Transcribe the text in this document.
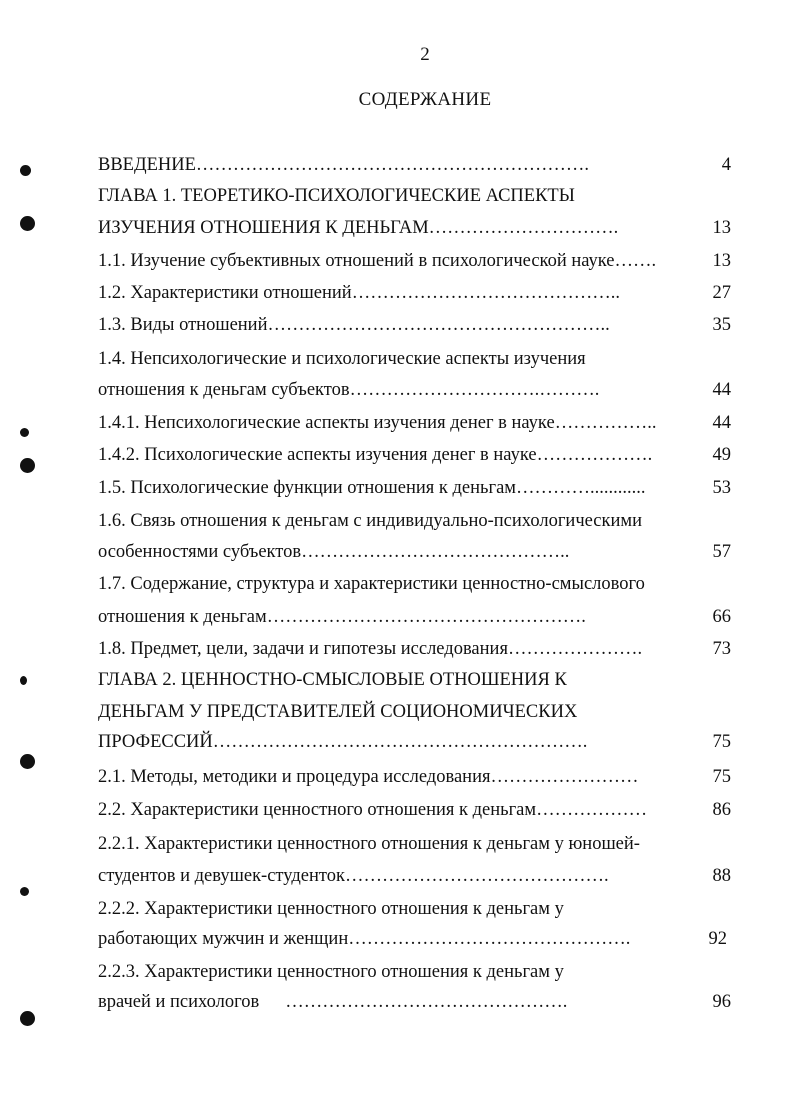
2
СОДЕРЖАНИЕ
ВВЕДЕНИЕ……………………………………………………….	4
ГЛАВА 1. ТЕОРЕТИКО-ПСИХОЛОГИЧЕСКИЕ АСПЕКТЫ
ИЗУЧЕНИЯ ОТНОШЕНИЯ К ДЕНЬГАМ………………………….	13
1.1. Изучение субъективных отношений в психологической науке…….	13
1.2. Характеристики отношений……………………………………..	27
1.3. Виды отношений………………………………………………..	35
1.4. Непсихологические и психологические аспекты изучения
отношения к деньгам субъектов………………………….……….	44
1.4.1. Непсихологические аспекты изучения денег в науке……………..	44
1.4.2. Психологические аспекты изучения денег в науке……………….	49
1.5. Психологические функции отношения к деньгам…………............	53
1.6. Связь отношения к деньгам с индивидуально-психологическими
особенностями субъектов……………………………………..	57
1.7. Содержание, структура и характеристики ценностно-смыслового
отношения к деньгам…………………………………………….	66
1.8. Предмет, цели, задачи и гипотезы исследования………………….	73
ГЛАВА 2. ЦЕННОСТНО-СМЫСЛОВЫЕ ОТНОШЕНИЯ К
ДЕНЬГАМ У ПРЕДСТАВИТЕЛЕЙ СОЦИОНОМИЧЕСКИХ
ПРОФЕССИЙ…………………………………………………….	75
2.1. Методы, методики и процедура исследования……………………	75
2.2. Характеристики ценностного отношения к деньгам………………	86
2.2.1. Характеристики ценностного отношения к деньгам у юношей-
студентов и девушек-студенток…………………………………….	88
2.2.2. Характеристики ценностного отношения к деньгам у
работающих мужчин и женщин……………………………………….	92
2.2.3. Характеристики ценностного отношения к деньгам у
врачей и психологов ……………………………………….	96
